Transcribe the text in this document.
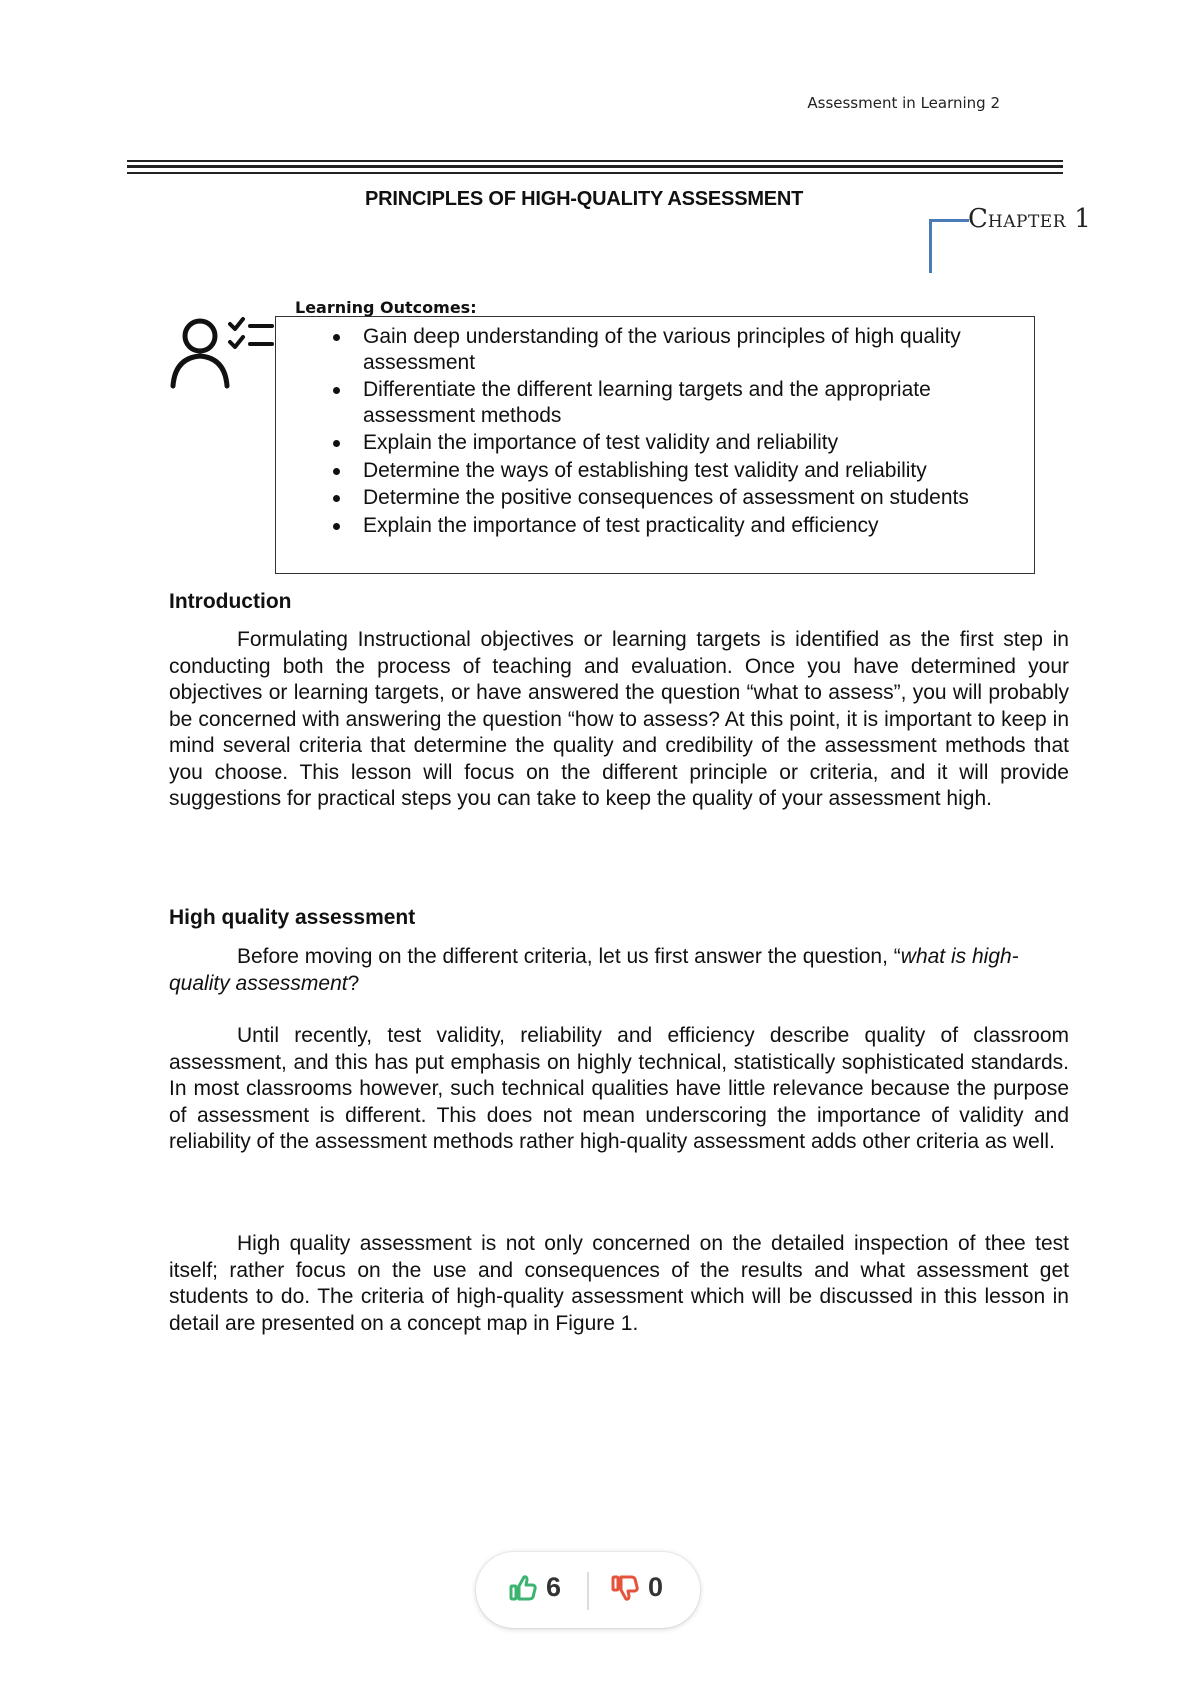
Assessment in Learning 2
PRINCIPLES OF HIGH-QUALITY ASSESSMENT
CHAPTER 1
Learning Outcomes:
Gain deep understanding of the various principles of high quality assessment
Differentiate the different learning targets and the appropriate assessment methods
Explain the importance of test validity and reliability
Determine the ways of establishing test validity and reliability
Determine the positive consequences of assessment on students
Explain the importance of test practicality and efficiency
Introduction

Formulating Instructional objectives or learning targets is identified as the first step in conducting both the process of teaching and evaluation. Once you have determined your objectives or learning targets, or have answered the question “what to assess”, you will probably be concerned with answering the question “how to assess? At this point, it is important to keep in mind several criteria that determine the quality and credibility of the assessment methods that you choose. This lesson will focus on the different principle or criteria, and it will provide suggestions for practical steps you can take to keep the quality of your assessment high.

High quality assessment

Before moving on the different criteria, let us first answer the question, “what is high-quality assessment?

Until recently, test validity, reliability and efficiency describe quality of classroom assessment, and this has put emphasis on highly technical, statistically sophisticated standards. In most classrooms however, such technical qualities have little relevance because the purpose of assessment is different. This does not mean underscoring the importance of validity and reliability of the assessment methods rather high-quality assessment adds other criteria as well.

High quality assessment is not only concerned on the detailed inspection of thee test itself; rather focus on the use and consequences of the results and what assessment get students to do. The criteria of high-quality assessment which will be discussed in this lesson in detail are presented on a concept map in Figure 1.

6	0
